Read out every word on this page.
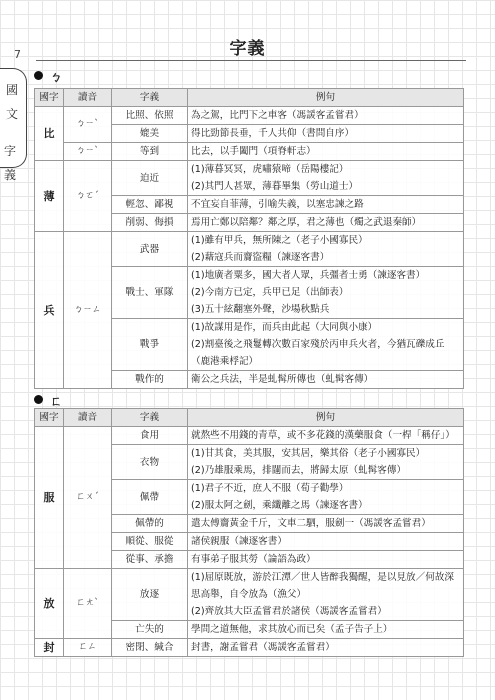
7	字義
國
文
字
義
ㄅ
國字	讀音	字義	例句
比	ㄅㄧˋ	比照、依照	為之駕，比門下之車客（馮諼客孟嘗君）

		媲美	得比勁節長垂，千人共仰（書問自序）

	ㄅㄧˋ	等到	比去，以手闔門（項脊軒志）

薄	ㄅㄛˊ	迫近	(1)薄暮冥冥，虎嘯猿啼（岳陽樓記）
(2)其門人甚眾，薄暮畢集（勞山道士）

		輕忽、鄙視	不宜妄自菲薄，引喻失義，以塞忠諫之路

		削弱、侮損	焉用亡鄭以陪鄰？鄰之厚，君之薄也（燭之武退秦師）

兵	ㄅㄧㄥ	武器	(1)雖有甲兵，無所陳之（老子小國寡民）
(2)藉寇兵而齎盜糧（諫逐客書）

		戰士、軍隊	(1)地廣者粟多，國大者人眾，兵彊者士勇（諫逐客書）
(2)今南方已定，兵甲已足（出師表）
(3)五十絃翻塞外聲，沙場秋點兵

		戰爭	(1)故謀用是作，而兵由此起（大同與小康）
(2)割臺後之飛鬘轉次數百家殘於丙申兵火者，今猶瓦礫成丘（鹿港乘桴記）

		戰作的	衛公之兵法，半是虬髯所傳也（虬髯客傳）
ㄈ
國字	讀音	字義	例句
服	ㄈㄨˊ	食用	就熬些不用錢的青草，或不多花錢的漢藥服食（一桿「稱仔」）

		衣物	(1)甘其食，美其服，安其居，樂其俗（老子小國寡民）
(2)乃雄服乘馬，排闥而去，將歸太原（虬髯客傳）

		佩帶	(1)君子不近，庶人不服（荀子勸學）
(2)服太阿之劍，乘纖離之馬（諫逐客書）

		佩帶的	遣太傅齎黃金千斤，文車二駟，服劍一（馮諼客孟嘗君）

		順從、服從	諸侯親服（諫逐客書）

		從事、承擔	有事弟子服其勞（論語為政）

放	ㄈㄤˋ	放逐	(1)屈原既放，游於江潭／世人皆醉我獨醒，是以見放／何故深思高舉，自令放為（漁父）
(2)齊放其大臣孟嘗君於諸侯（馮諼客孟嘗君）

		亡失的	學問之道無他，求其放心而已矣（孟子告子上）

封	ㄈㄥ	密閉、緘合	封書，謝孟嘗君（馮諼客孟嘗君）
